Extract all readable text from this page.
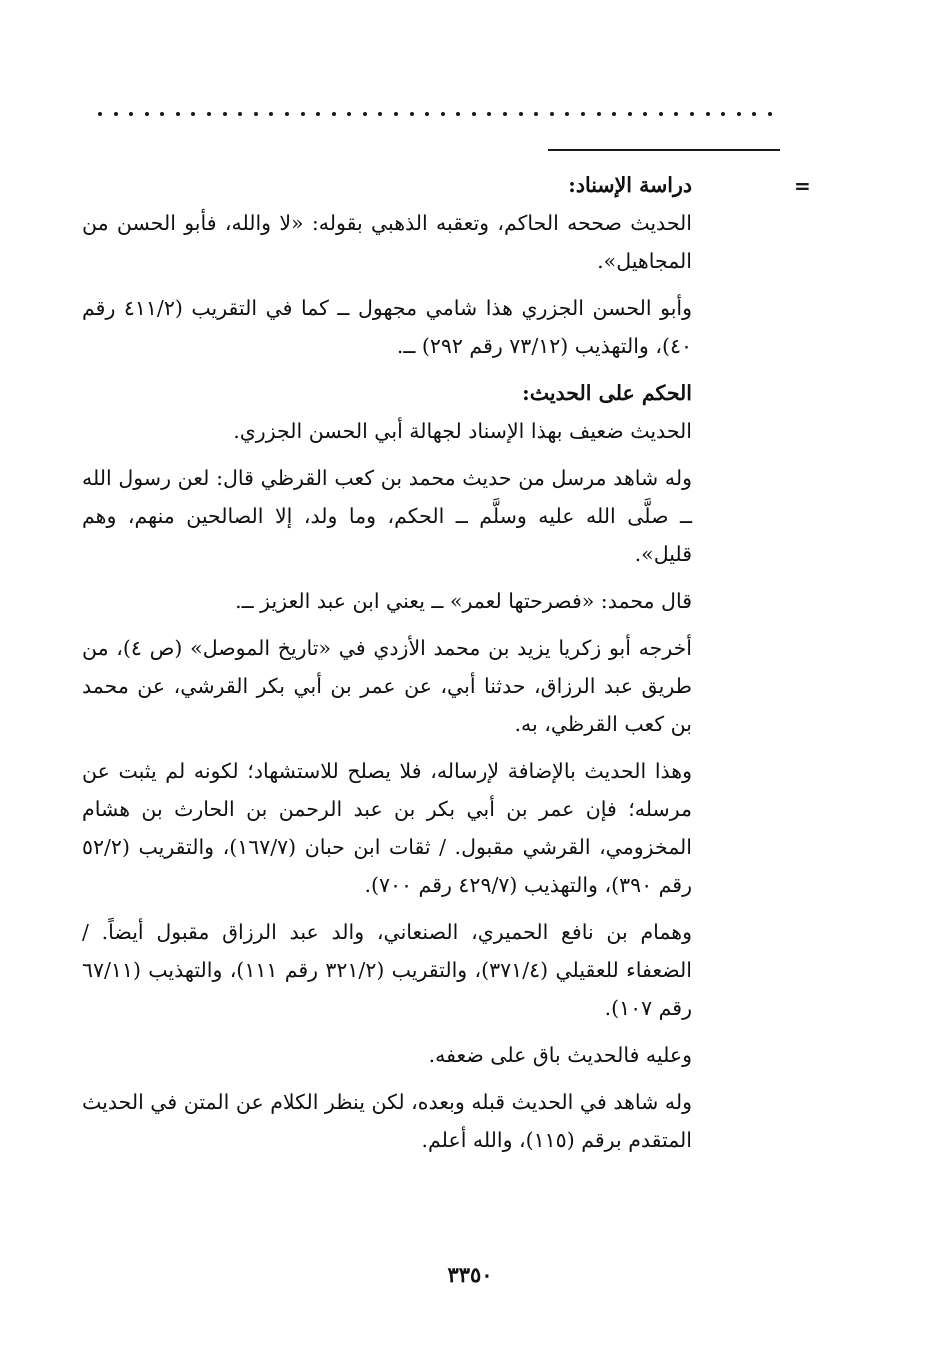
=
دراسة الإسناد:

الحديث صححه الحاكم، وتعقبه الذهبي بقوله: «لا والله، فأبو الحسن من المجاهيل».

وأبو الحسن الجزري هذا شامي مجهول ــ كما في التقريب (٤١١/٢ رقم ٤٠)، والتهذيب (٧٣/١٢ رقم ٢٩٢) ــ.

الحكم على الحديث:

الحديث ضعيف بهذا الإسناد لجهالة أبي الحسن الجزري.

وله شاهد مرسل من حديث محمد بن كعب القرظي قال: لعن رسول الله ــ صلَّى الله عليه وسلَّم ــ الحكم، وما ولد، إلا الصالحين منهم، وهم قليل».

قال محمد: «فصرحتها لعمر» ــ يعني ابن عبد العزيز ــ.

أخرجه أبو زكريا يزيد بن محمد الأزدي في «تاريخ الموصل» (ص ٤)، من طريق عبد الرزاق، حدثنا أبي، عن عمر بن أبي بكر القرشي، عن محمد بن كعب القرظي، به.

وهذا الحديث بالإضافة لإرساله، فلا يصلح للاستشهاد؛ لكونه لم يثبت عن مرسله؛ فإن عمر بن أبي بكر بن عبد الرحمن بن الحارث بن هشام المخزومي، القرشي مقبول. / ثقات ابن حبان (١٦٧/٧)، والتقريب (٥٢/٢ رقم ٣٩٠)، والتهذيب (٤٢٩/٧ رقم ٧٠٠).

وهمام بن نافع الحميري، الصنعاني، والد عبد الرزاق مقبول أيضاً. / الضعفاء للعقيلي (٣٧١/٤)، والتقريب (٣٢١/٢ رقم ١١١)، والتهذيب (٦٧/١١ رقم ١٠٧).

وعليه فالحديث باق على ضعفه.

وله شاهد في الحديث قبله وبعده، لكن ينظر الكلام عن المتن في الحديث المتقدم برقم (١١٥)، والله أعلم.

٣٣٥٠
